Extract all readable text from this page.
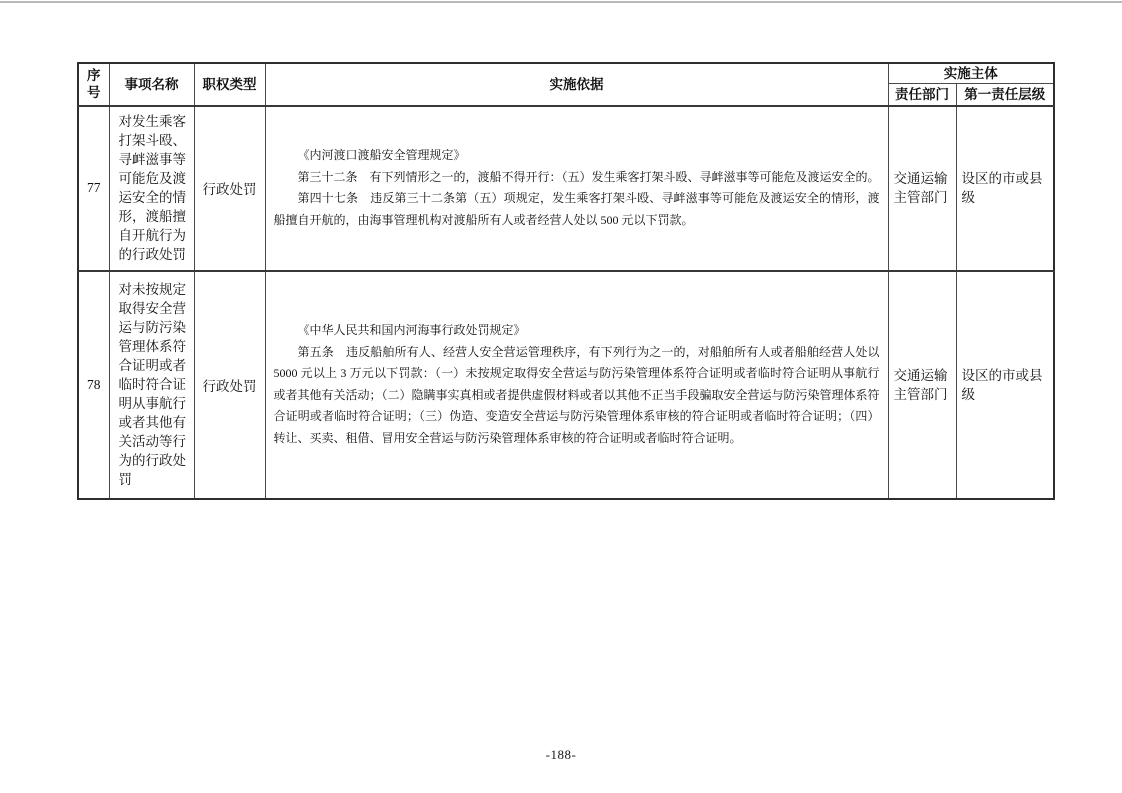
序号	事项名称	职权类型	实施依据	实施主体	
				责任部门	第一责任层级
77	对发生乘客打架斗殴、寻衅滋事等可能危及渡运安全的情形，渡船擅自开航行为的行政处罚	行政处罚	《内河渡口渡船安全管理规定》

第三十二条　有下列情形之一的，渡船不得开行：（五）发生乘客打架斗殴、寻衅滋事等可能危及渡运安全的。

第四十七条　违反第三十二条第（五）项规定，发生乘客打架斗殴、寻衅滋事等可能危及渡运安全的情形，渡船擅自开航的，由海事管理机构对渡船所有人或者经营人处以 500 元以下罚款。	交通运输主管部门	设区的市或县级
78	对未按规定取得安全营运与防污染管理体系符合证明或者临时符合证明从事航行或者其他有关活动等行为的行政处罚	行政处罚	《中华人民共和国内河海事行政处罚规定》

第五条　违反船舶所有人、经营人安全营运管理秩序，有下列行为之一的，对船舶所有人或者船舶经营人处以 5000 元以上 3 万元以下罚款：（一）未按规定取得安全营运与防污染管理体系符合证明或者临时符合证明从事航行或者其他有关活动；（二）隐瞒事实真相或者提供虚假材料或者以其他不正当手段骗取安全营运与防污染管理体系符合证明或者临时符合证明；（三）伪造、变造安全营运与防污染管理体系审核的符合证明或者临时符合证明；（四）转让、买卖、租借、冒用安全营运与防污染管理体系审核的符合证明或者临时符合证明。	交通运输主管部门	设区的市或县级
-188-
